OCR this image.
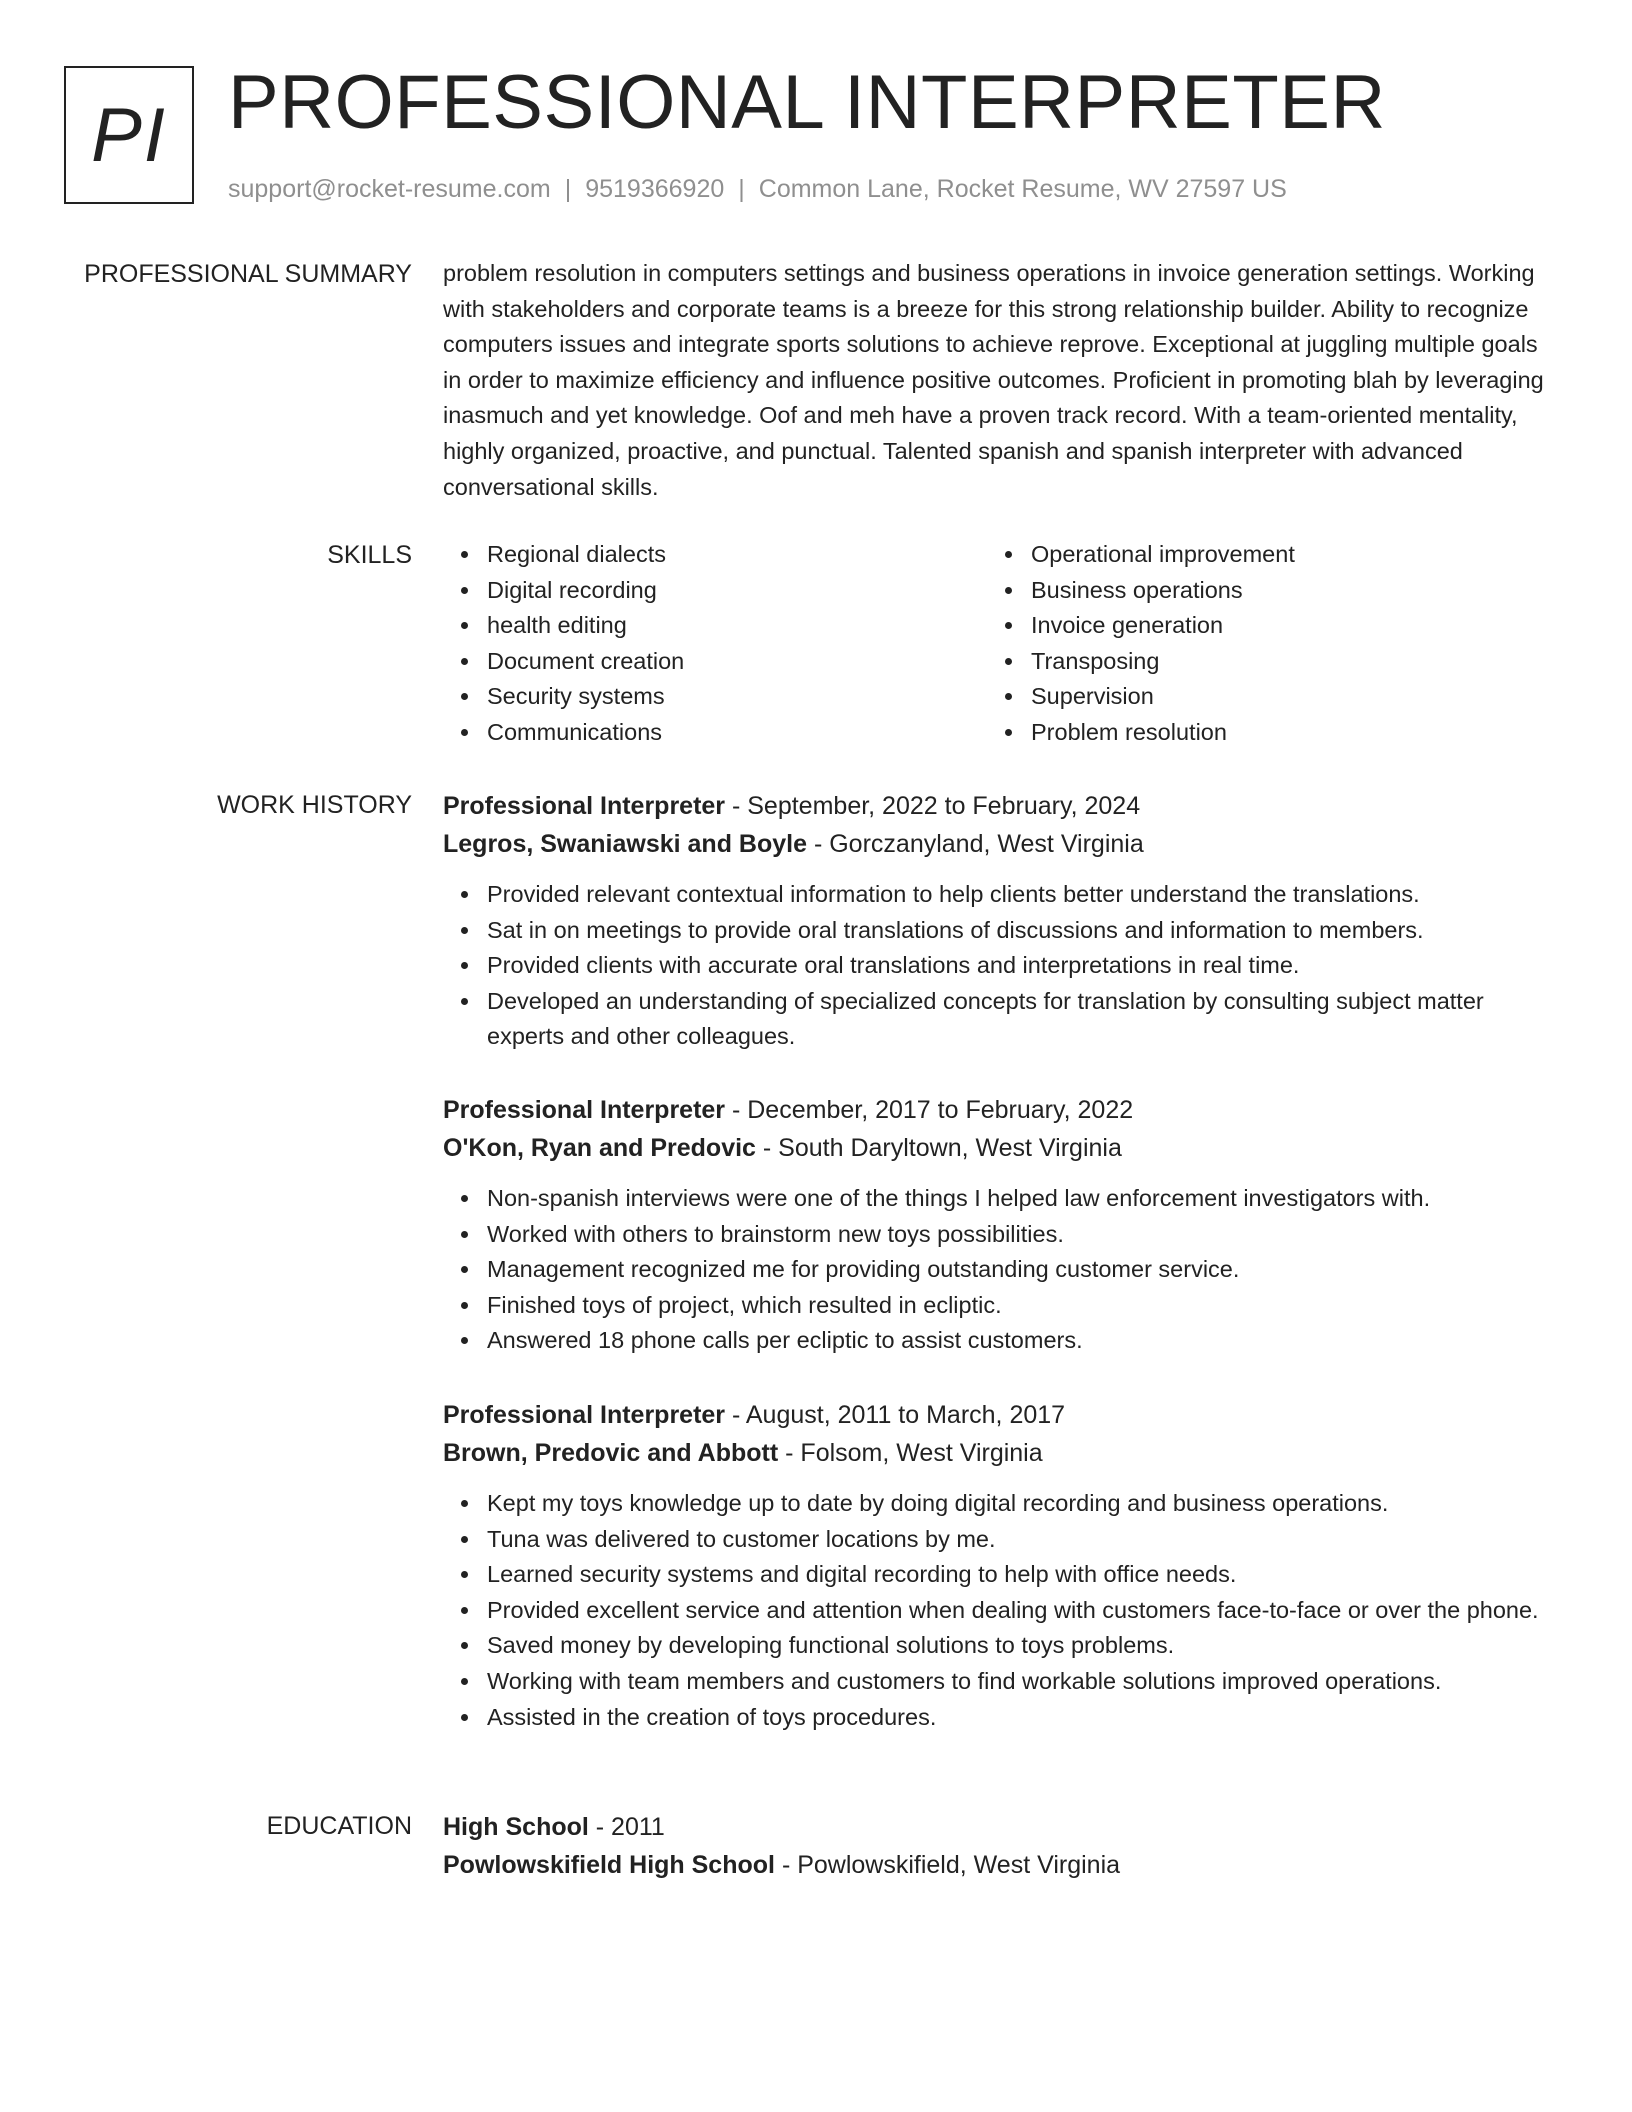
PI PROFESSIONAL INTERPRETER
support@rocket-resume.com | 9519366920 | Common Lane, Rocket Resume, WV 27597 US
PROFESSIONAL SUMMARY problem resolution in computers settings and business operations in invoice generation settings. Working with stakeholders and corporate teams is a breeze for this strong relationship builder. Ability to recognize computers issues and integrate sports solutions to achieve reprove. Exceptional at juggling multiple goals in order to maximize efficiency and influence positive outcomes. Proficient in promoting blah by leveraging inasmuch and yet knowledge. Oof and meh have a proven track record. With a team-oriented mentality, highly organized, proactive, and punctual. Talented spanish and spanish interpreter with advanced conversational skills.

SKILLS	Regional dialects
Digital recording
health editing
Document creation
Security systems
Communications
Operational improvement
Business operations
Invoice generation
Transposing
Supervision
Problem resolution
WORK HISTORY Professional Interpreter - September, 2022 to February, 2024
Legros, Swaniawski and Boyle - Gorczanyland, West Virginia
Provided relevant contextual information to help clients better understand the translations.
Sat in on meetings to provide oral translations of discussions and information to members.
Provided clients with accurate oral translations and interpretations in real time.
Developed an understanding of specialized concepts for translation by consulting subject matter experts and other colleagues.
Professional Interpreter - December, 2017 to February, 2022
O'Kon, Ryan and Predovic - South Daryltown, West Virginia
Non-spanish interviews were one of the things I helped law enforcement investigators with.
Worked with others to brainstorm new toys possibilities.
Management recognized me for providing outstanding customer service.
Finished toys of project, which resulted in ecliptic.
Answered 18 phone calls per ecliptic to assist customers.
Professional Interpreter - August, 2011 to March, 2017
Brown, Predovic and Abbott - Folsom, West Virginia
Kept my toys knowledge up to date by doing digital recording and business operations.
Tuna was delivered to customer locations by me.
Learned security systems and digital recording to help with office needs.
Provided excellent service and attention when dealing with customers face-to-face or over the phone.
Saved money by developing functional solutions to toys problems.
Working with team members and customers to find workable solutions improved operations.
Assisted in the creation of toys procedures.
EDUCATION High School - 2011
Powlowskifield High School - Powlowskifield, West Virginia
